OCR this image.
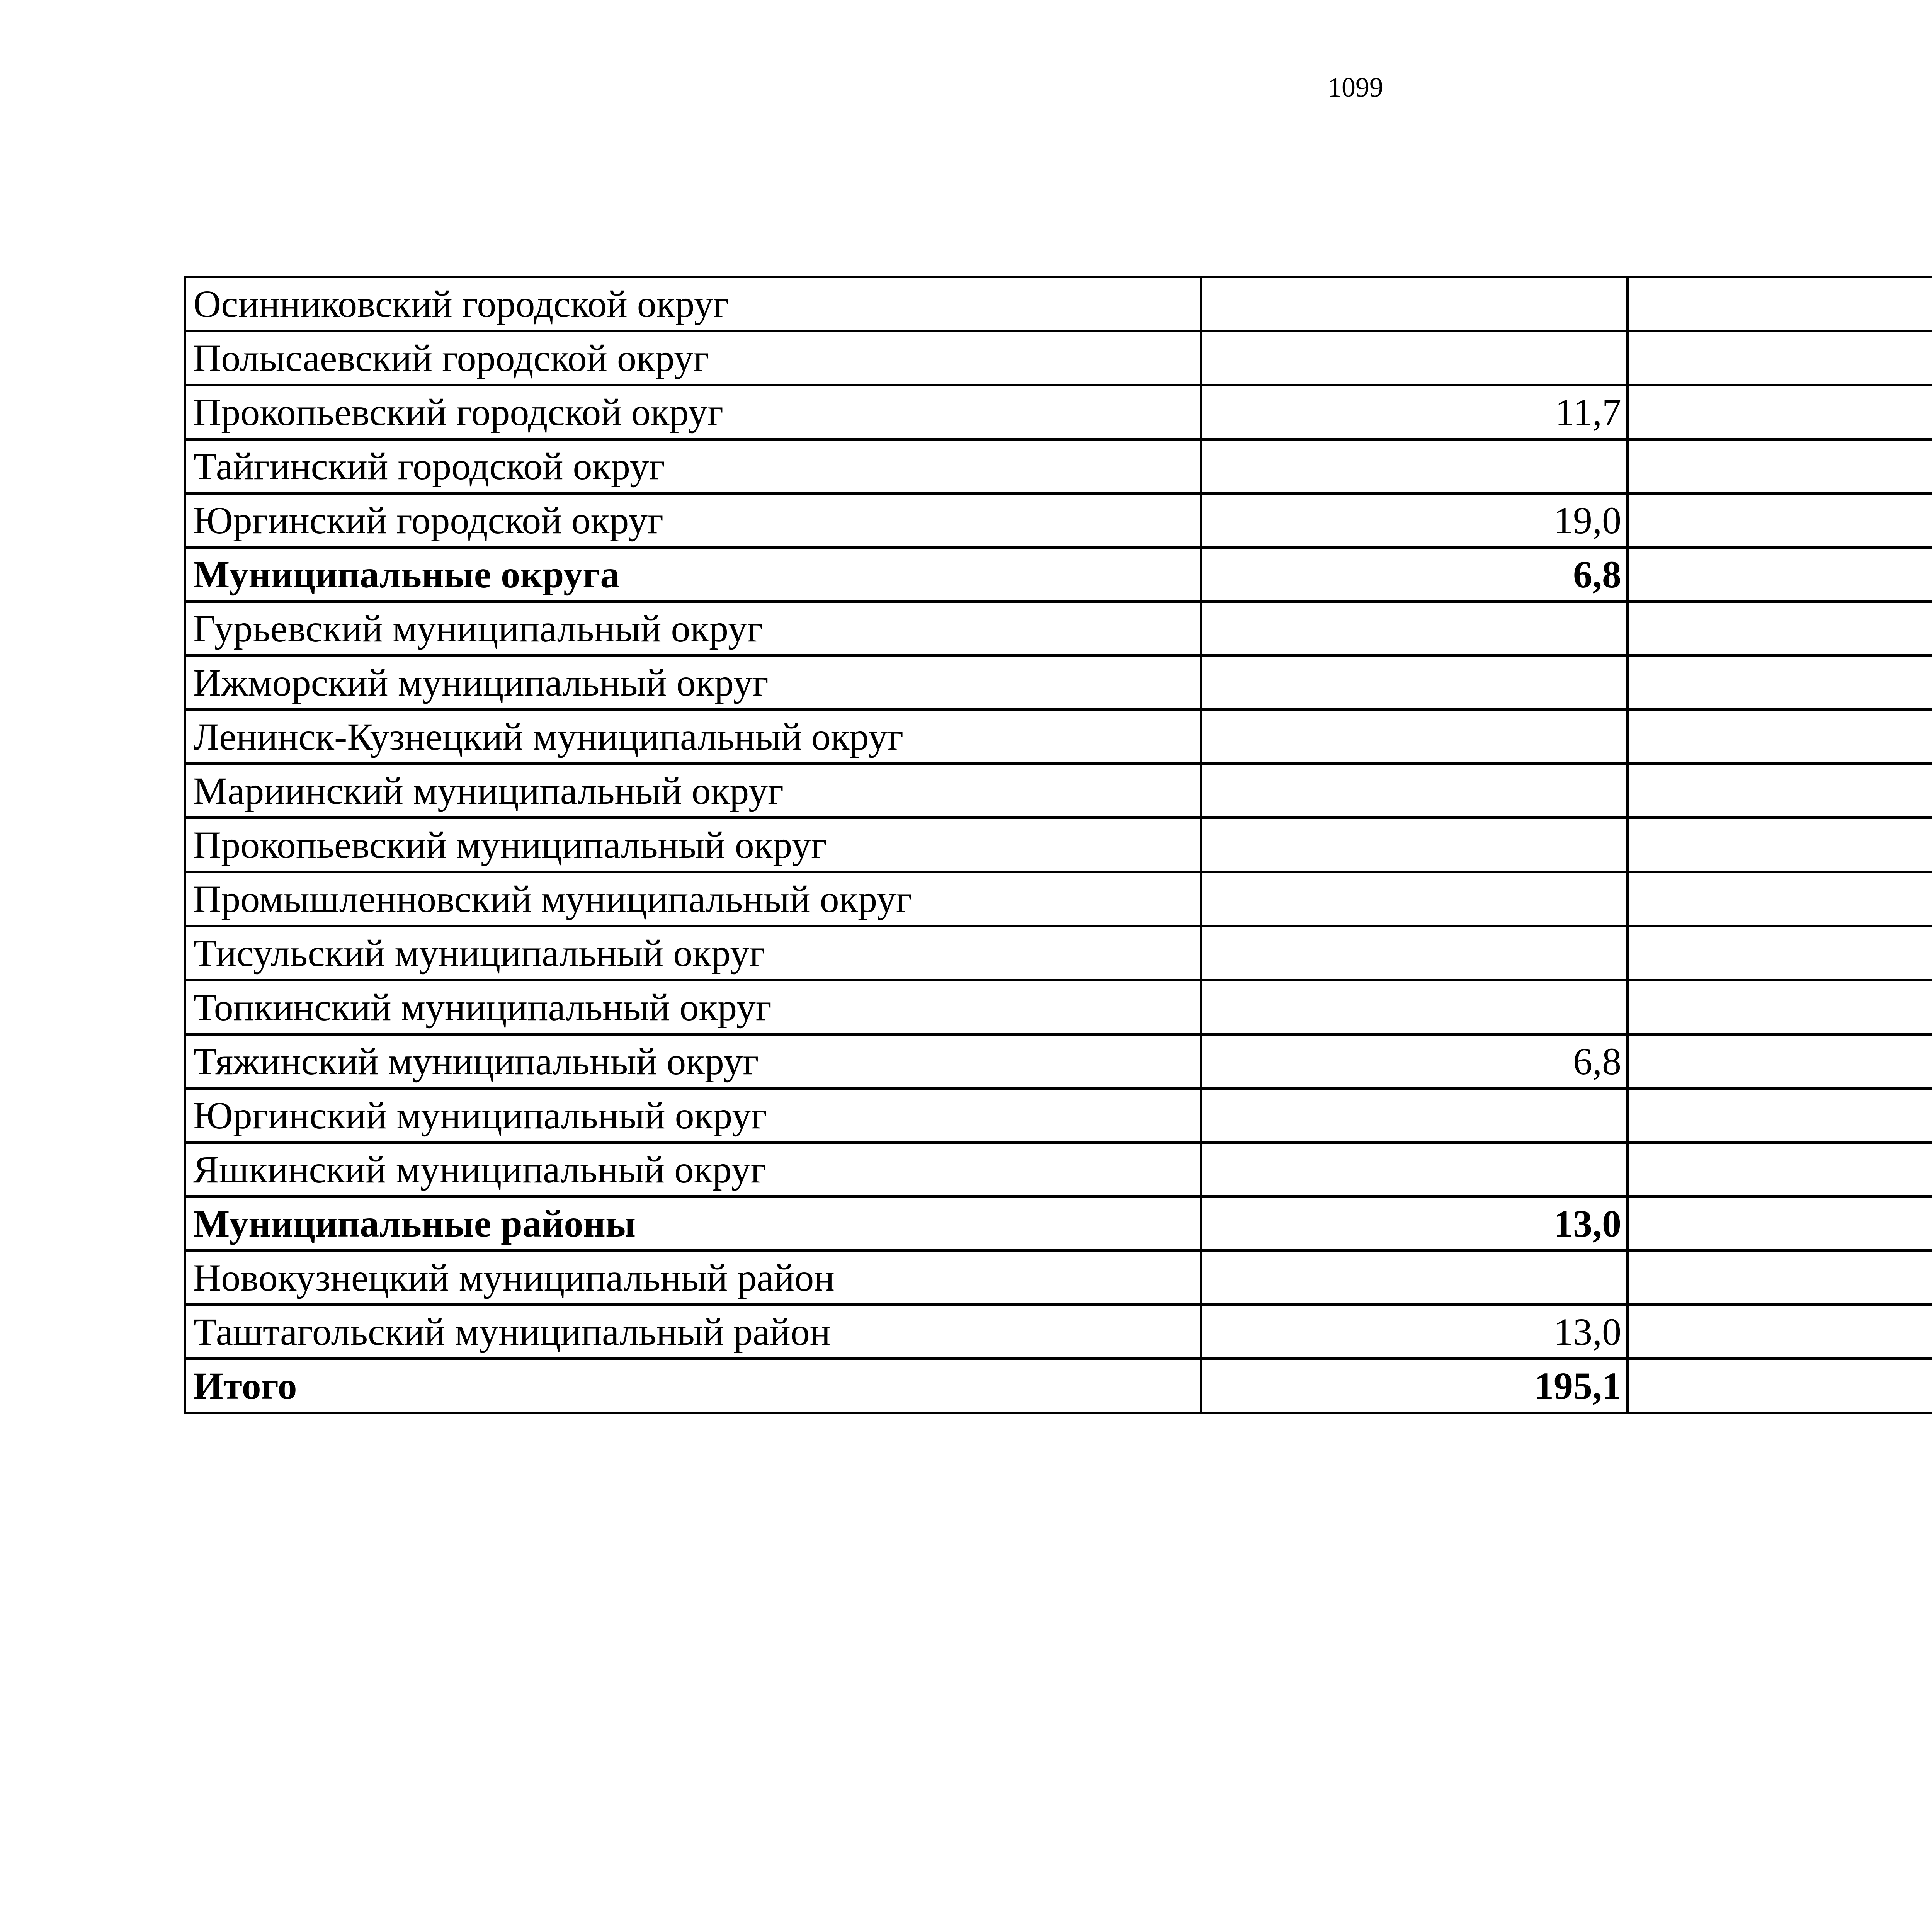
1099
Осинниковский городской округ			
Полысаевский городской округ			
Прокопьевский городской округ	11,7		
Тайгинский городской округ			
Юргинский городской округ	19,0		
Муниципальные округа	6,8		
Гурьевский муниципальный округ			
Ижморский муниципальный округ			
Ленинск-Кузнецкий муниципальный округ			
Мариинский муниципальный округ			
Прокопьевский муниципальный округ			
Промышленновский муниципальный округ			
Тисульский муниципальный округ			
Топкинский муниципальный округ			
Тяжинский муниципальный округ	6,8		
Юргинский муниципальный округ			
Яшкинский муниципальный округ			
Муниципальные районы	13,0		
Новокузнецкий муниципальный район			
Таштагольский муниципальный район	13,0		
Итого	195,1		
